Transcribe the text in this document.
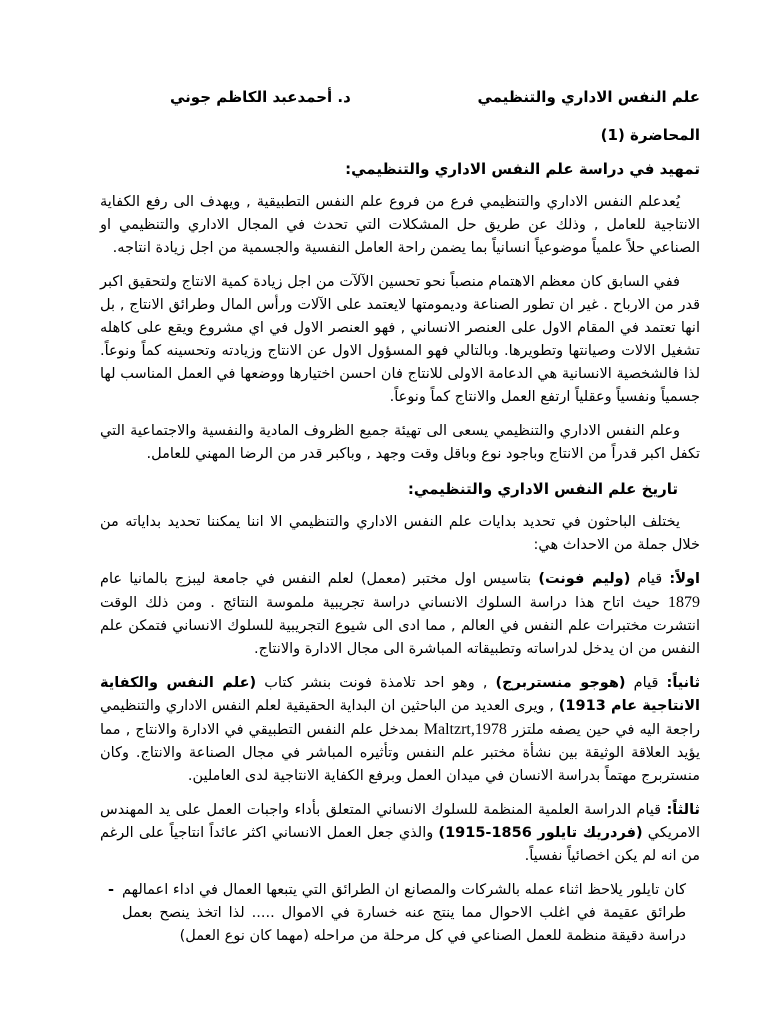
علم النفس الاداري والتنظيمي
د. أحمدعبد الكاظم جوني
المحاضرة (1)
تمهيد في دراسة علم النفس الاداري والتنظيمي:

يُعدعلم النفس الاداري والتنظيمي فرع من فروع علم النفس التطبيقية , ويهدف الى رفع الكفاية الانتاجية للعامل , وذلك عن طريق حل المشكلات التي تحدث في المجال الاداري والتنظيمي او الصناعي حلاً علمياً موضوعياً انسانياً بما يضمن راحة العامل النفسية والجسمية من اجل زيادة انتاجه.

ففي السابق كان معظم الاهتمام منصباً نحو تحسين الآلآت من اجل زيادة كمية الانتاج ولتحقيق اكبر قدر من الارباح . غير ان تطور الصناعة وديمومتها لايعتمد على الآلات ورأس المال وطرائق الانتاج , بل انها تعتمد في المقام الاول على العنصر الانساني , فهو العنصر الاول في اي مشروع ويقع على كاهله تشغيل الالات وصيانتها وتطويرها. وبالتالي فهو المسؤول الاول عن الانتاج وزيادته وتحسينه كماً ونوعاً. لذا فالشخصية الانسانية هي الدعامة الاولى للانتاج فان احسن اختيارها ووضعها في العمل المناسب لها جسمياً ونفسياً وعقلياً ارتفع العمل والانتاج كماً ونوعاً.

وعلم النفس الاداري والتنظيمي يسعى الى تهيئة جميع الظروف المادية والنفسية والاجتماعية التي تكفل اكبر قدراً من الانتاج وباجود نوع وباقل وقت وجهد , وباكبر قدر من الرضا المهني للعامل.

تاريخ علم النفس الاداري والتنظيمي:

يختلف الباحثون في تحديد بدايات علم النفس الاداري والتنظيمي الا اننا يمكننا تحديد بداياته من خلال جملة من الاحداث هي:

اولاً: قيام (وليم فونت) بتاسيس اول مختبر (معمل) لعلم النفس في جامعة ليبزج بالمانيا عام 1879 حيث اتاح هذا دراسة السلوك الانساني دراسة تجريبية ملموسة النتائج . ومن ذلك الوقت انتشرت مختبرات علم النفس في العالم , مما ادى الى شيوع التجريبية للسلوك الانساني فتمكن علم النفس من ان يدخل لدراساته وتطبيقاته المباشرة الى مجال الادارة والانتاج.

ثانياً: قيام (هوجو منستربرج) , وهو احد تلامذة فونت بنشر كتاب (علم النفس والكفاية الانتاجية عام 1913) , ويرى العديد من الباحثين ان البداية الحقيقية لعلم النفس الاداري والتنظيمي راجعة اليه في حين يصفه ملتزر Maltzrt,1978 بمدخل علم النفس التطبيقي في الادارة والانتاج , مما يؤيد العلاقة الوثيقة بين نشأة مختبر علم النفس وتأثيره المباشر في مجال الصناعة والانتاج. وكان منستربرج مهتماً بدراسة الانسان في ميدان العمل وبرفع الكفاية الانتاجية لدى العاملين.

ثالثاً: قيام الدراسة العلمية المنظمة للسلوك الانساني المتعلق بأداء واجبات العمل على يد المهندس الامريكي (فردريك تايلور 1856-1915) والذي جعل العمل الانساني اكثر عائداً انتاجياً على الرغم من انه لم يكن اخصائياً نفسياً.

كان تايلور يلاحظ اثناء عمله بالشركات والمصانع ان الطرائق التي يتبعها العمال في اداء اعمالهم طرائق عقيمة في اغلب الاحوال مما ينتج عنه خسارة في الاموال ..... لذا اتخذ ينصح بعمل دراسة دقيقة منظمة للعمل الصناعي في كل مرحلة من مراحله (مهما كان نوع العمل)

-
